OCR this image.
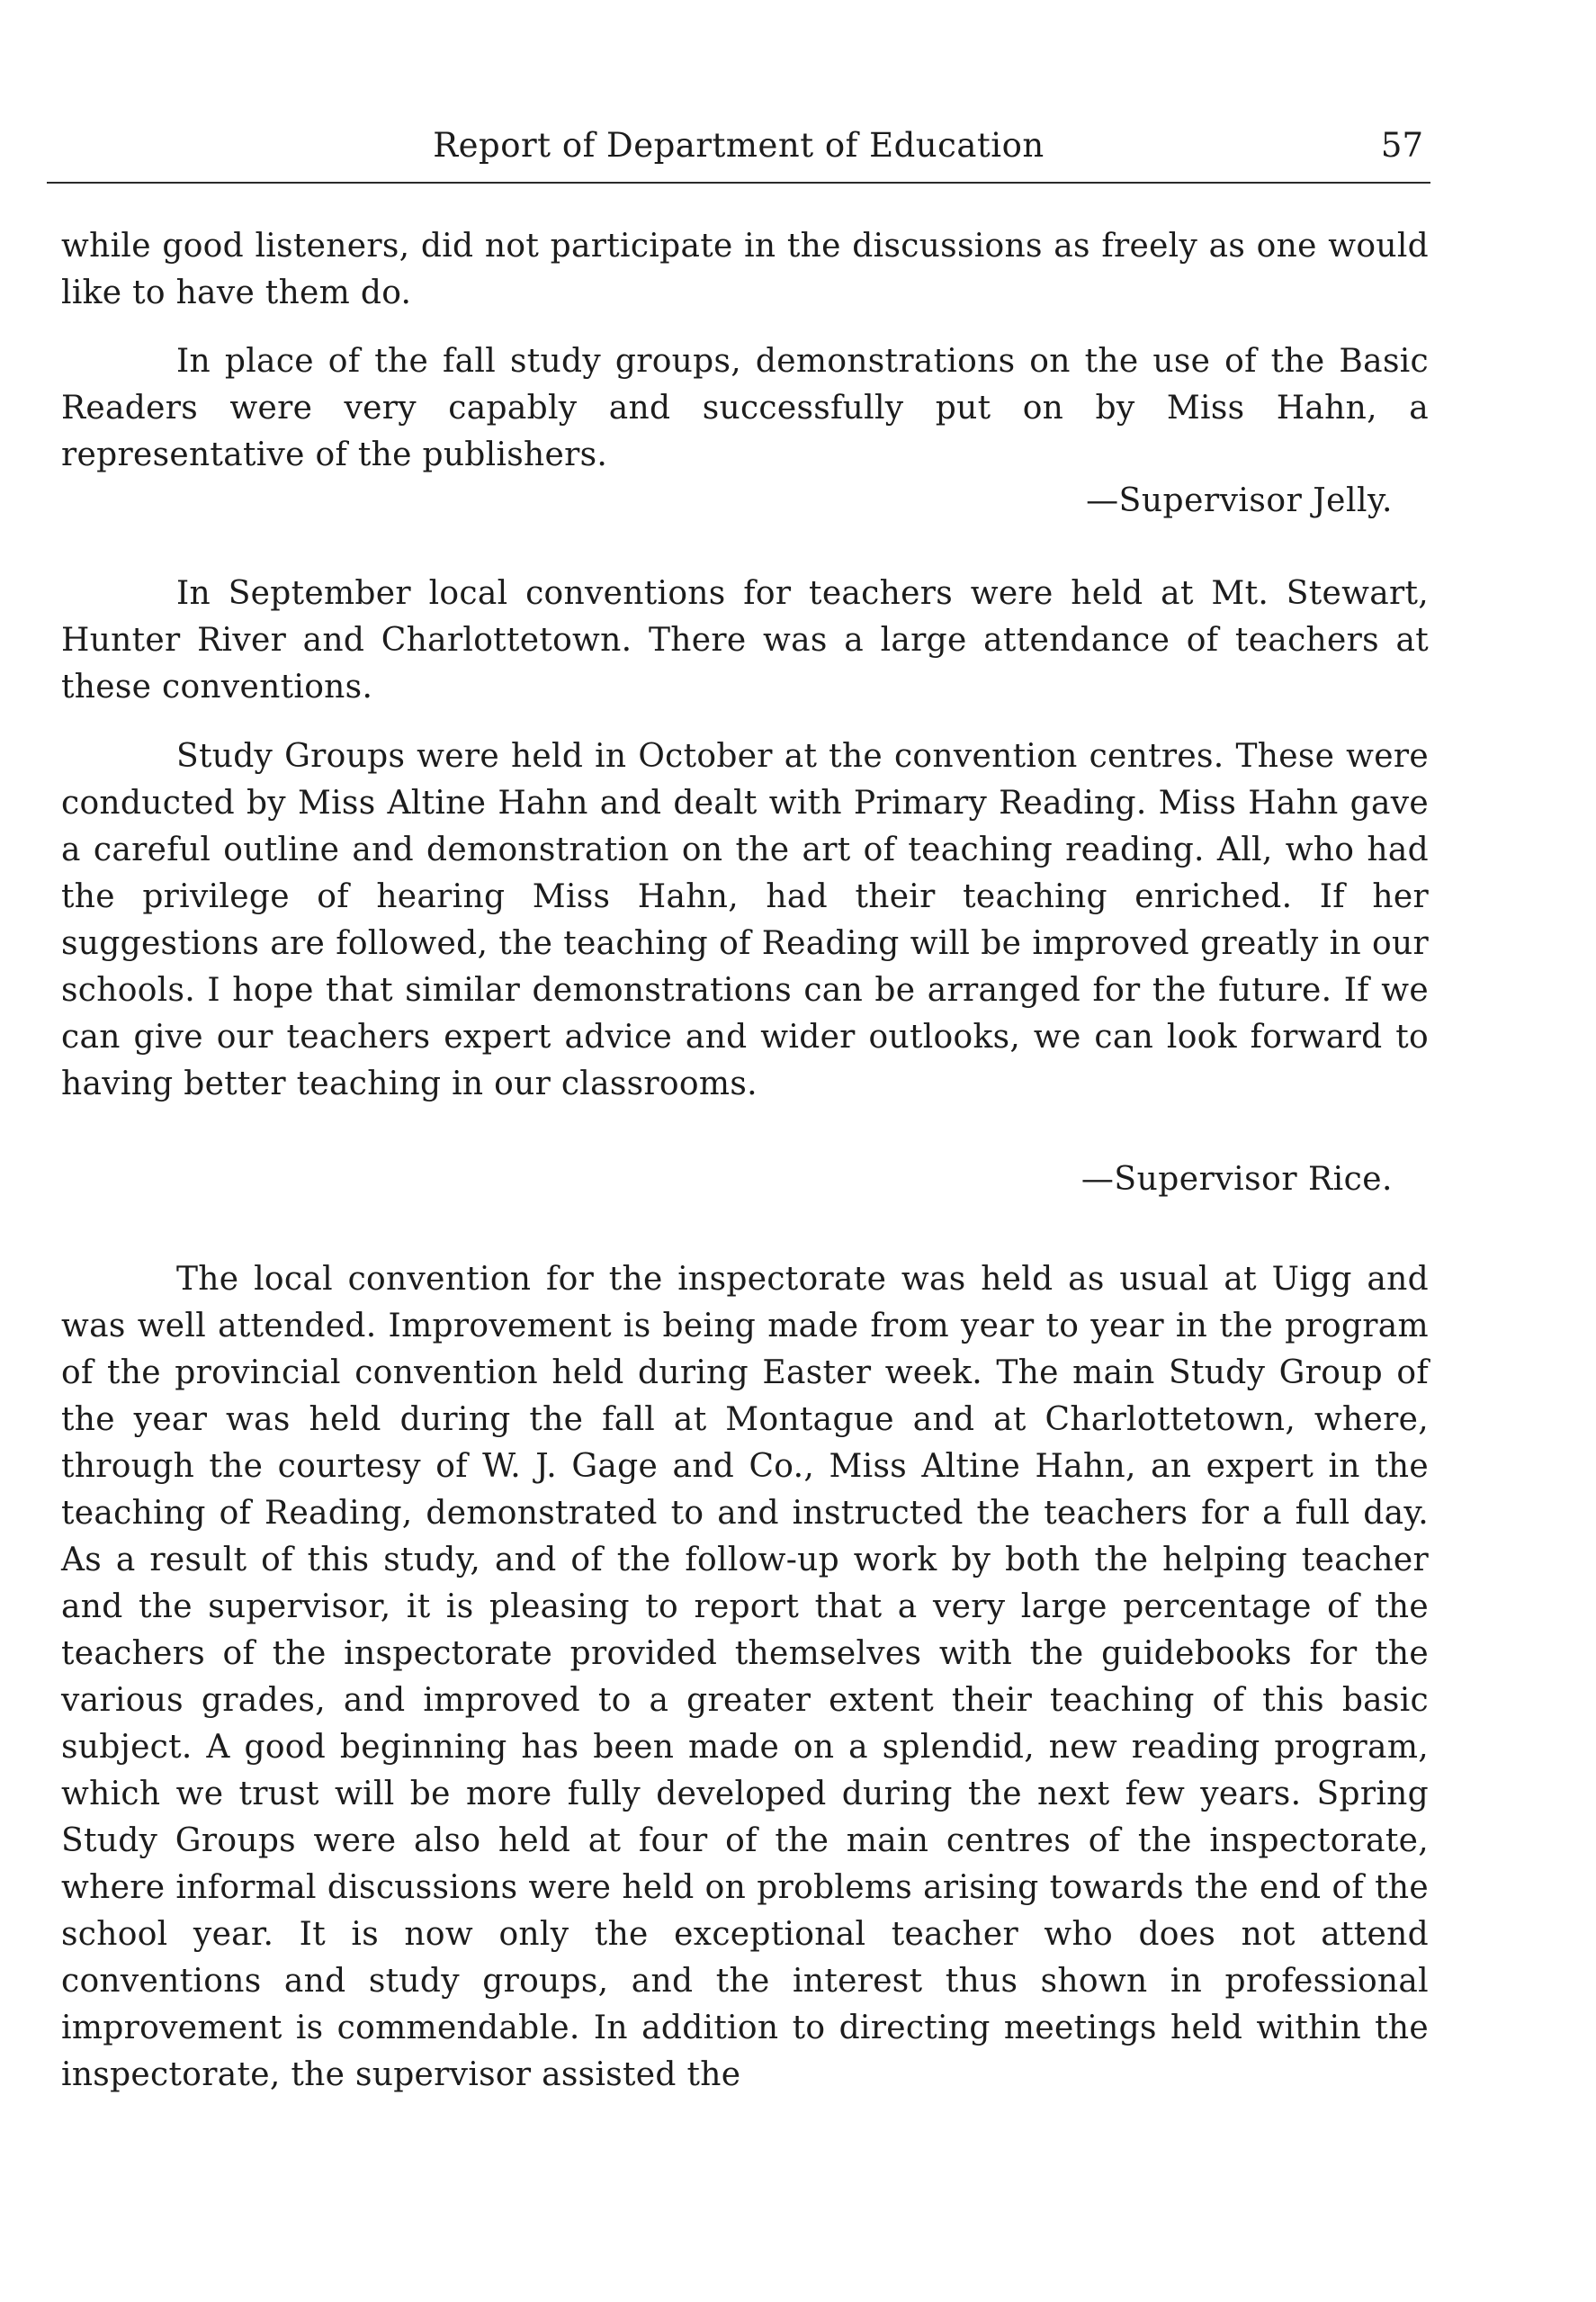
Report of Department of Education	57

while good listeners, did not participate in the discussions as freely as one would like to have them do.

In place of the fall study groups, demonstrations on the use of the Basic Readers were very capably and successfully put on by Miss Hahn, a representative of the publishers.

—Supervisor Jelly.

In September local conventions for teachers were held at Mt. Stewart, Hunter River and Charlottetown. There was a large attendance of teachers at these conventions.

Study Groups were held in October at the convention centres. These were conducted by Miss Altine Hahn and dealt with Primary Reading. Miss Hahn gave a careful outline and demonstration on the art of teaching reading. All, who had the privilege of hearing Miss Hahn, had their teaching enriched. If her suggestions are followed, the teaching of Reading will be improved greatly in our schools. I hope that similar demonstrations can be arranged for the future. If we can give our teachers expert advice and wider outlooks, we can look forward to having better teaching in our classrooms.

—Supervisor Rice.

The local convention for the inspectorate was held as usual at Uigg and was well attended. Improvement is being made from year to year in the program of the provincial convention held during Easter week. The main Study Group of the year was held during the fall at Montague and at Charlottetown, where, through the courtesy of W. J. Gage and Co., Miss Altine Hahn, an expert in the teaching of Reading, demonstrated to and instructed the teachers for a full day. As a result of this study, and of the follow-up work by both the helping teacher and the supervisor, it is pleasing to report that a very large percentage of the teachers of the inspectorate provided themselves with the guidebooks for the various grades, and improved to a greater extent their teaching of this basic subject. A good beginning has been made on a splendid, new reading program, which we trust will be more fully developed during the next few years. Spring Study Groups were also held at four of the main centres of the inspectorate, where informal discussions were held on problems arising towards the end of the school year. It is now only the exceptional teacher who does not attend conventions and study groups, and the interest thus shown in professional improvement is commendable. In addition to directing meetings held within the inspectorate, the supervisor assisted the
